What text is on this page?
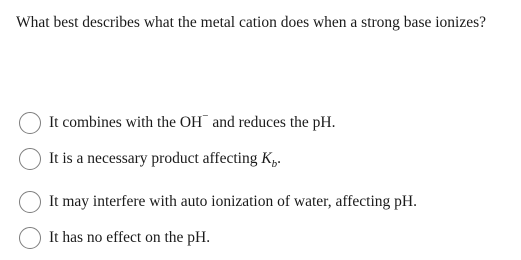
What best describes what the metal cation does when a strong base ionizes?
It combines with the OH− and reduces the pH.
It is a necessary product affecting $K_b$.
It may interfere with auto ionization of water, affecting pH.
It has no effect on the pH.
